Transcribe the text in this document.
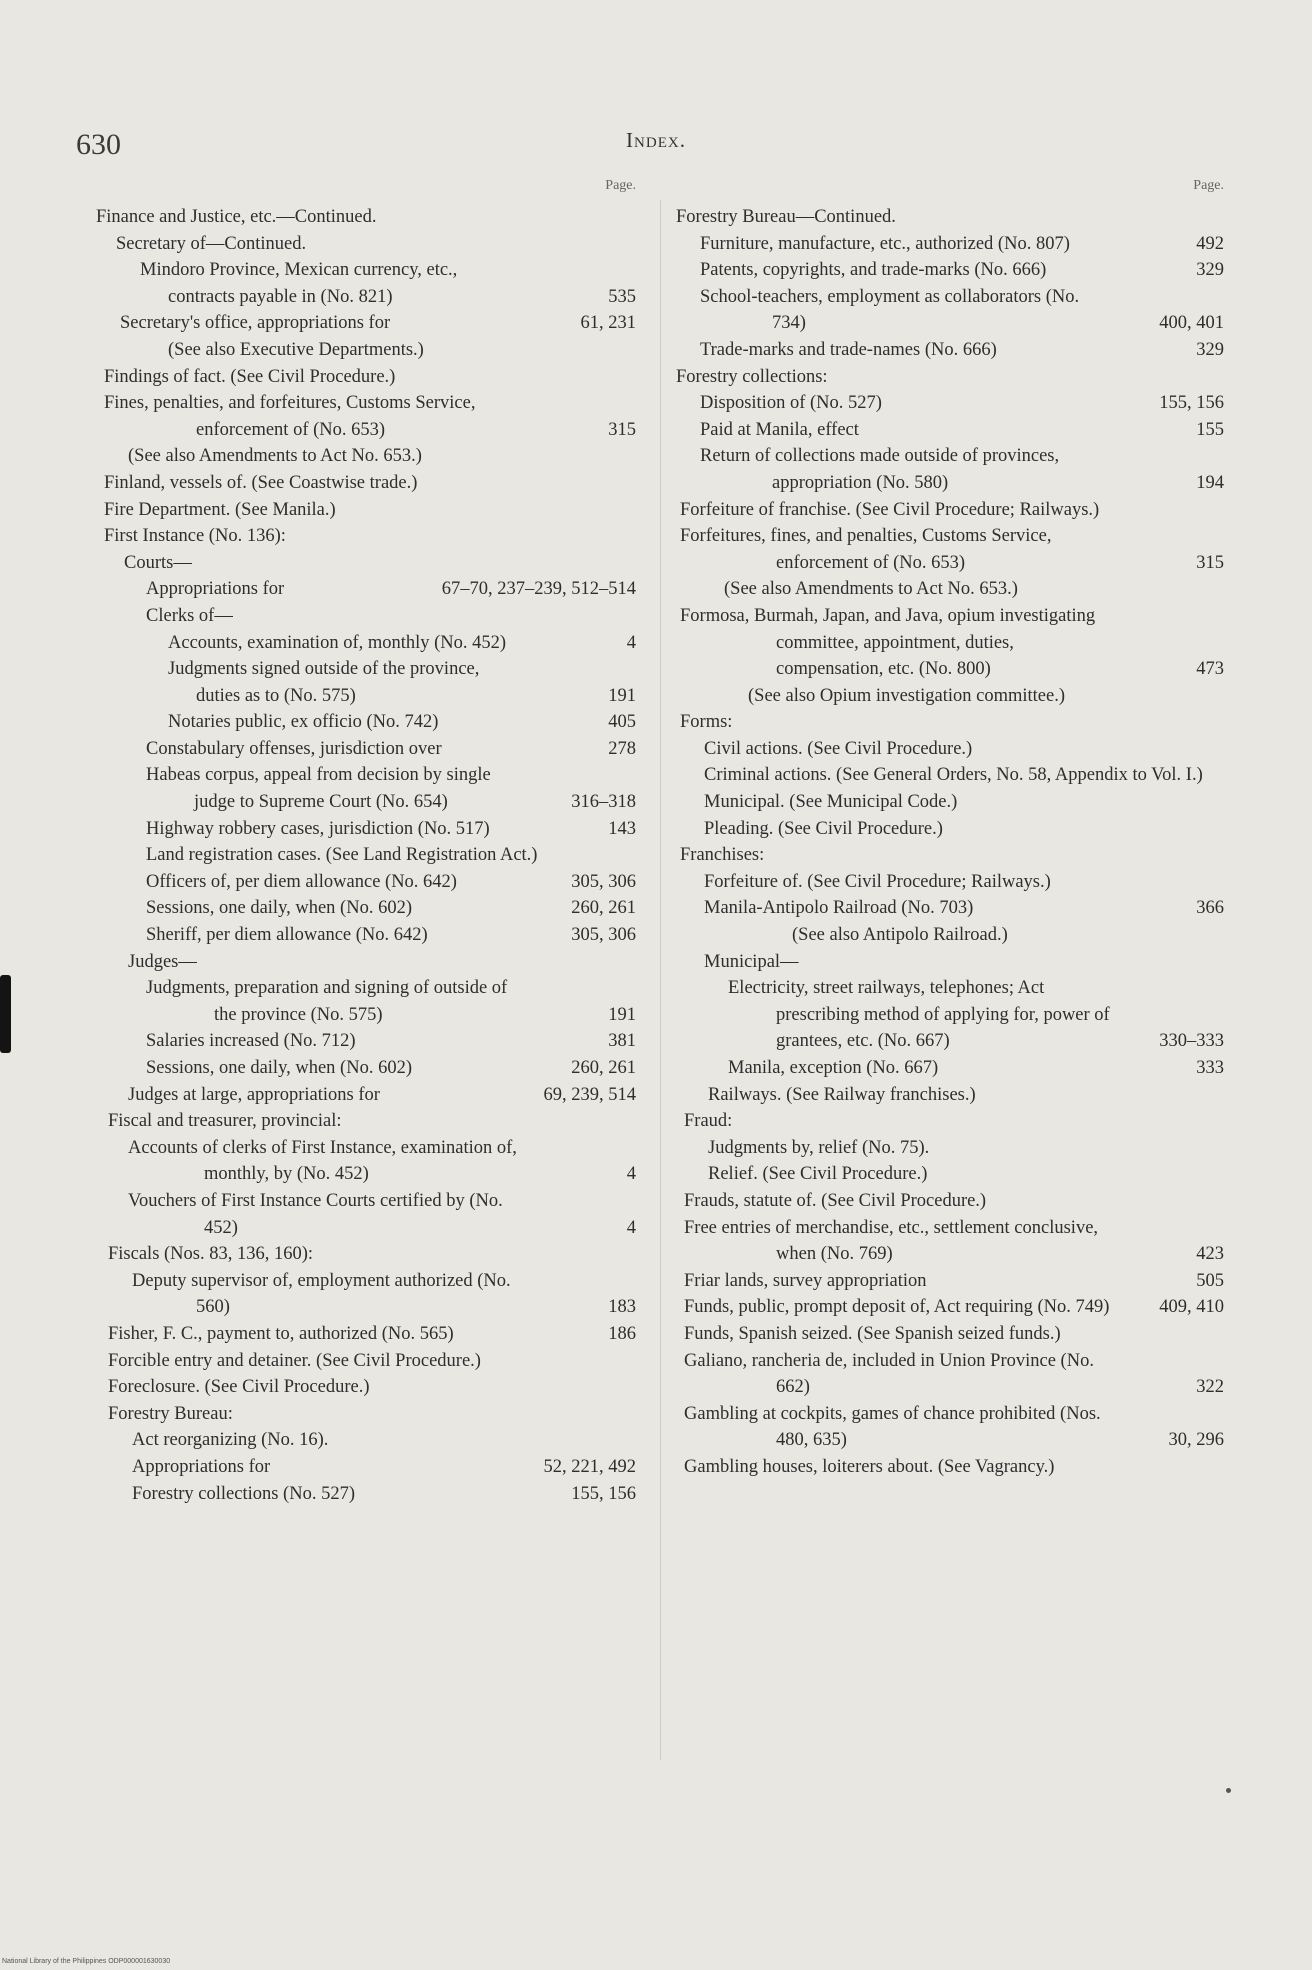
630	Index.
Page.
Finance and Justice, etc.—Continued.
Secretary of—Continued.
Mindoro Province, Mexican currency, etc., contracts payable in (No. 821)	535
Secretary's office, appropriations for	61, 231
(See also Executive Departments.)
Findings of fact. (See Civil Procedure.)
Fines, penalties, and forfeitures, Customs Service, enforcement of (No. 653)	315
(See also Amendments to Act No. 653.)
Finland, vessels of. (See Coastwise trade.)
Fire Department. (See Manila.)
First Instance (No. 136):
Courts—
Appropriations for	67–70, 237–239, 512–514
Clerks of—
Accounts, examination of, monthly (No. 452)	4
Judgments signed outside of the province, duties as to (No. 575)	191
Notaries public, ex officio (No. 742)	405
Constabulary offenses, jurisdiction over	278
Habeas corpus, appeal from decision by single judge to Supreme Court (No. 654)	316–318
Highway robbery cases, jurisdiction (No. 517)	143
Land registration cases. (See Land Registration Act.)
Officers of, per diem allowance (No. 642)	305, 306
Sessions, one daily, when (No. 602)	260, 261
Sheriff, per diem allowance (No. 642)	305, 306
Judges—
Judgments, preparation and signing of outside of the province (No. 575)	191
Salaries increased (No. 712)	381
Sessions, one daily, when (No. 602)	260, 261
Judges at large, appropriations for	69, 239, 514
Fiscal and treasurer, provincial:
Accounts of clerks of First Instance, examination of, monthly, by (No. 452)	4
Vouchers of First Instance Courts certified by (No. 452)	4
Fiscals (Nos. 83, 136, 160):
Deputy supervisor of, employment authorized (No. 560)	183
Fisher, F. C., payment to, authorized (No. 565)	186
Forcible entry and detainer. (See Civil Procedure.)
Foreclosure. (See Civil Procedure.)
Forestry Bureau:
Act reorganizing (No. 16).
Appropriations for	52, 221, 492
Forestry collections (No. 527)	155, 156
Page.
Forestry Bureau—Continued.
Furniture, manufacture, etc., authorized (No. 807)	492
Patents, copyrights, and trade-marks (No. 666)	329
School-teachers, employment as collaborators (No. 734)	400, 401
Trade-marks and trade-names (No. 666)	329
Forestry collections:
Disposition of (No. 527)	155, 156
Paid at Manila, effect	155
Return of collections made outside of provinces, appropriation (No. 580)	194
Forfeiture of franchise. (See Civil Procedure; Railways.)
Forfeitures, fines, and penalties, Customs Service, enforcement of (No. 653)	315
(See also Amendments to Act No. 653.)
Formosa, Burmah, Japan, and Java, opium investigating committee, appointment, duties, compensation, etc. (No. 800)	473
(See also Opium investigation committee.)
Forms:
Civil actions. (See Civil Procedure.)
Criminal actions. (See General Orders, No. 58, Appendix to Vol. I.)
Municipal. (See Municipal Code.)
Pleading. (See Civil Procedure.)
Franchises:
Forfeiture of. (See Civil Procedure; Railways.)
Manila-Antipolo Railroad (No. 703)	366
(See also Antipolo Railroad.)
Municipal—
Electricity, street railways, telephones; Act prescribing method of applying for, power of grantees, etc. (No. 667)	330–333
Manila, exception (No. 667)	333
Railways. (See Railway franchises.)
Fraud:
Judgments by, relief (No. 75).
Relief. (See Civil Procedure.)
Frauds, statute of. (See Civil Procedure.)
Free entries of merchandise, etc., settlement conclusive, when (No. 769)	423
Friar lands, survey appropriation	505
Funds, public, prompt deposit of, Act requiring (No. 749)	409, 410
Funds, Spanish seized. (See Spanish seized funds.)
Galiano, rancheria de, included in Union Province (No. 662)	322
Gambling at cockpits, games of chance prohibited (Nos. 480, 635)	30, 296
Gambling houses, loiterers about. (See Vagrancy.)
National Library of the Philippines ODP000001630030
